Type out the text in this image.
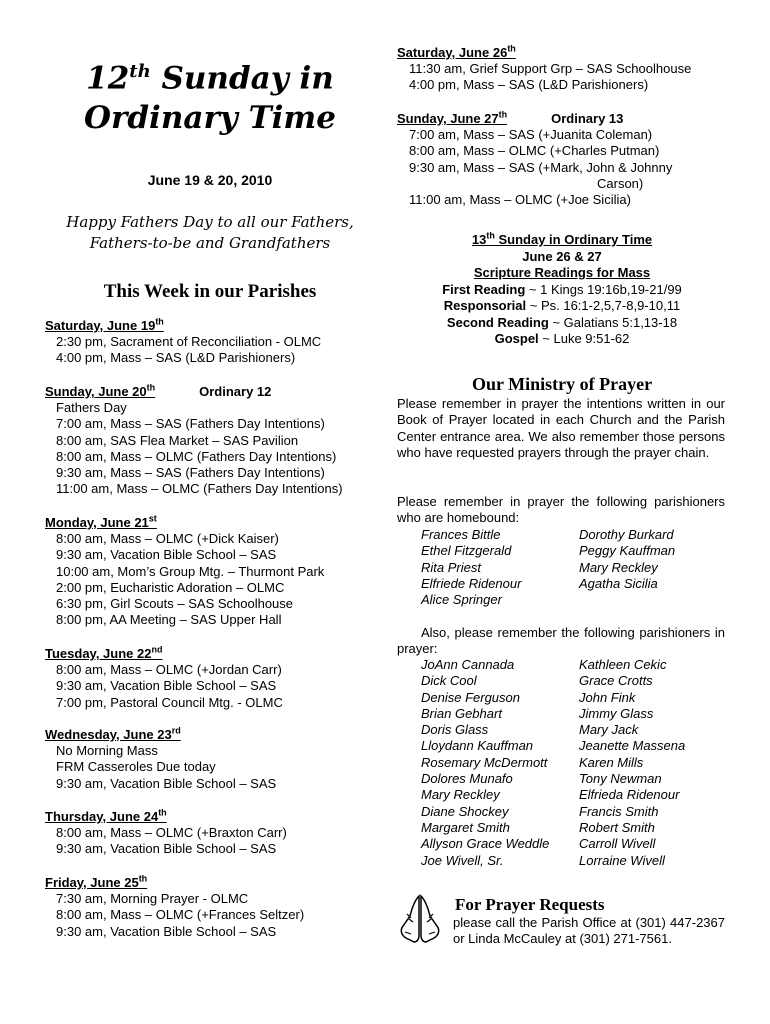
12th Sunday in
Ordinary Time
June 19 & 20, 2010
Happy Fathers Day to all our Fathers,
Fathers-to-be and Grandfathers
This Week in our Parishes
Saturday, June 19th
2:30 pm, Sacrament of Reconciliation - OLMC
4:00 pm, Mass – SAS (L&D Parishioners)
Sunday, June 20th	Ordinary 12
Fathers Day
7:00 am, Mass – SAS (Fathers Day Intentions)
8:00 am, SAS Flea Market – SAS Pavilion
8:00 am, Mass – OLMC (Fathers Day Intentions)
9:30 am, Mass – SAS (Fathers Day Intentions)
11:00 am, Mass – OLMC (Fathers Day Intentions)
Monday, June 21st
8:00 am, Mass – OLMC (+Dick Kaiser)
9:30 am, Vacation Bible School – SAS
10:00 am, Mom’s Group Mtg. – Thurmont Park
2:00 pm, Eucharistic Adoration – OLMC
6:30 pm, Girl Scouts – SAS Schoolhouse
8:00 pm, AA Meeting – SAS Upper Hall
Tuesday, June 22nd
8:00 am, Mass – OLMC (+Jordan Carr)
9:30 am, Vacation Bible School – SAS
7:00 pm, Pastoral Council Mtg. - OLMC
Wednesday, June 23rd
No Morning Mass
FRM Casseroles Due today
9:30 am, Vacation Bible School – SAS
Thursday, June 24th
8:00 am, Mass – OLMC (+Braxton Carr)
9:30 am, Vacation Bible School – SAS
Friday, June 25th
7:30 am, Morning Prayer - OLMC
8:00 am, Mass – OLMC (+Frances Seltzer)
9:30 am, Vacation Bible School – SAS
Saturday, June 26th
11:30 am, Grief Support Grp – SAS Schoolhouse
4:00 pm, Mass – SAS (L&D Parishioners)
Sunday, June 27th	Ordinary 13
7:00 am, Mass – SAS (+Juanita Coleman)
8:00 am, Mass – OLMC (+Charles Putman)
9:30 am, Mass – SAS (+Mark, John & Johnny
Carson)
11:00 am, Mass – OLMC (+Joe Sicilia)
13th Sunday in Ordinary Time
June 26 & 27
Scripture Readings for Mass
First Reading ~ 1 Kings 19:16b,19-21/99
Responsorial ~ Ps. 16:1-2,5,7-8,9-10,11
Second Reading ~ Galatians 5:1,13-18
Gospel ~ Luke 9:51-62
Our Ministry of Prayer
Please remember in prayer the intentions written in our Book of Prayer located in each Church and the Parish Center entrance area. We also remember those persons who have requested prayers through the prayer chain.
Please remember in prayer the following parishioners who are homebound:
Frances Bittle	Dorothy Burkard
Ethel Fitzgerald	Peggy Kauffman
Rita Priest	Mary Reckley
Elfriede Ridenour	Agatha Sicilia
Alice Springer
Also, please remember the following parishioners in prayer:
JoAnn Cannada	Kathleen Cekic
Dick Cool	Grace Crotts
Denise Ferguson	John Fink
Brian Gebhart	Jimmy Glass
Doris Glass	Mary Jack
Lloydann Kauffman	Jeanette Massena
Rosemary McDermott	Karen Mills
Dolores Munafo	Tony Newman
Mary Reckley	Elfrieda Ridenour
Diane Shockey	Francis Smith
Margaret Smith	Robert Smith
Allyson Grace Weddle	Carroll Wivell
Joe Wivell, Sr.	Lorraine Wivell
For Prayer Requests
please call the Parish Office at (301) 447-2367 or Linda McCauley at (301) 271-7561.
